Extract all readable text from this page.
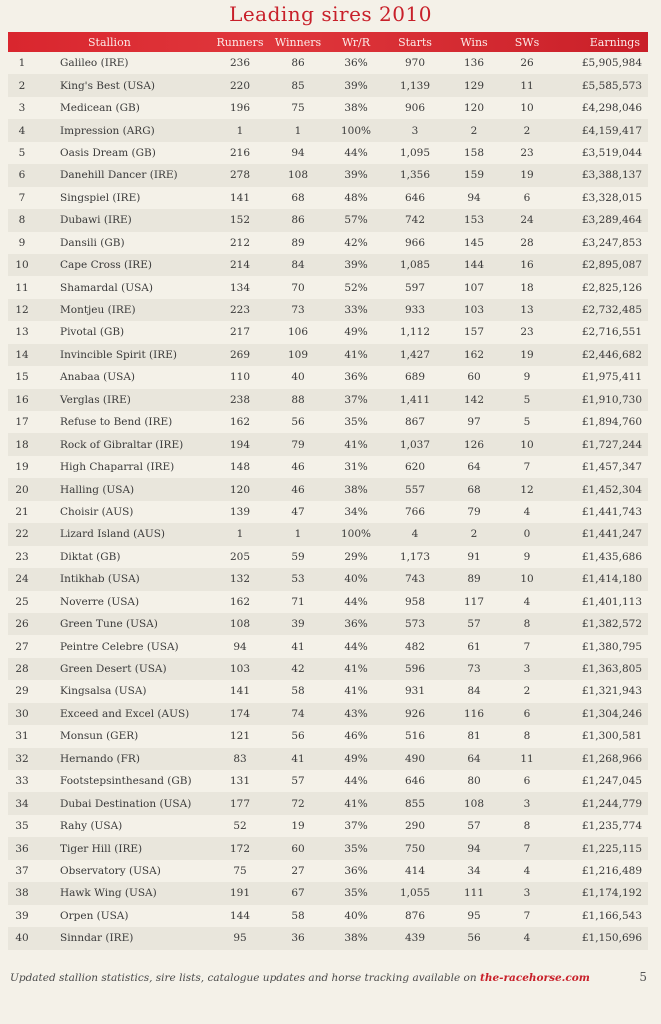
Leading sires 2010
Stallion	Runners	Winners	Wr/R	Starts	Wins	SWs	Earnings
1	Galileo (IRE)	236	86	36%	970	136	26	£5,905,984
2	King's Best (USA)	220	85	39%	1,139	129	11	£5,585,573
3	Medicean (GB)	196	75	38%	906	120	10	£4,298,046
4	Impression (ARG)	1	1	100%	3	2	2	£4,159,417
5	Oasis Dream (GB)	216	94	44%	1,095	158	23	£3,519,044
6	Danehill Dancer (IRE)	278	108	39%	1,356	159	19	£3,388,137
7	Singspiel (IRE)	141	68	48%	646	94	6	£3,328,015
8	Dubawi (IRE)	152	86	57%	742	153	24	£3,289,464
9	Dansili (GB)	212	89	42%	966	145	28	£3,247,853
10	Cape Cross (IRE)	214	84	39%	1,085	144	16	£2,895,087
11	Shamardal (USA)	134	70	52%	597	107	18	£2,825,126
12	Montjeu (IRE)	223	73	33%	933	103	13	£2,732,485
13	Pivotal (GB)	217	106	49%	1,112	157	23	£2,716,551
14	Invincible Spirit (IRE)	269	109	41%	1,427	162	19	£2,446,682
15	Anabaa (USA)	110	40	36%	689	60	9	£1,975,411
16	Verglas (IRE)	238	88	37%	1,411	142	5	£1,910,730
17	Refuse to Bend (IRE)	162	56	35%	867	97	5	£1,894,760
18	Rock of Gibraltar (IRE)	194	79	41%	1,037	126	10	£1,727,244
19	High Chaparral (IRE)	148	46	31%	620	64	7	£1,457,347
20	Halling (USA)	120	46	38%	557	68	12	£1,452,304
21	Choisir (AUS)	139	47	34%	766	79	4	£1,441,743
22	Lizard Island (AUS)	1	1	100%	4	2	0	£1,441,247
23	Diktat (GB)	205	59	29%	1,173	91	9	£1,435,686
24	Intikhab (USA)	132	53	40%	743	89	10	£1,414,180
25	Noverre (USA)	162	71	44%	958	117	4	£1,401,113
26	Green Tune (USA)	108	39	36%	573	57	8	£1,382,572
27	Peintre Celebre (USA)	94	41	44%	482	61	7	£1,380,795
28	Green Desert (USA)	103	42	41%	596	73	3	£1,363,805
29	Kingsalsa (USA)	141	58	41%	931	84	2	£1,321,943
30	Exceed and Excel (AUS)	174	74	43%	926	116	6	£1,304,246
31	Monsun (GER)	121	56	46%	516	81	8	£1,300,581
32	Hernando (FR)	83	41	49%	490	64	11	£1,268,966
33	Footstepsinthesand (GB)	131	57	44%	646	80	6	£1,247,045
34	Dubai Destination (USA)	177	72	41%	855	108	3	£1,244,779
35	Rahy (USA)	52	19	37%	290	57	8	£1,235,774
36	Tiger Hill (IRE)	172	60	35%	750	94	7	£1,225,115
37	Observatory (USA)	75	27	36%	414	34	4	£1,216,489
38	Hawk Wing (USA)	191	67	35%	1,055	111	3	£1,174,192
39	Orpen (USA)	144	58	40%	876	95	7	£1,166,543
40	Sinndar (IRE)	95	36	38%	439	56	4	£1,150,696
Updated stallion statistics, sire lists, catalogue updates and horse tracking available on the-racehorse.com	5
